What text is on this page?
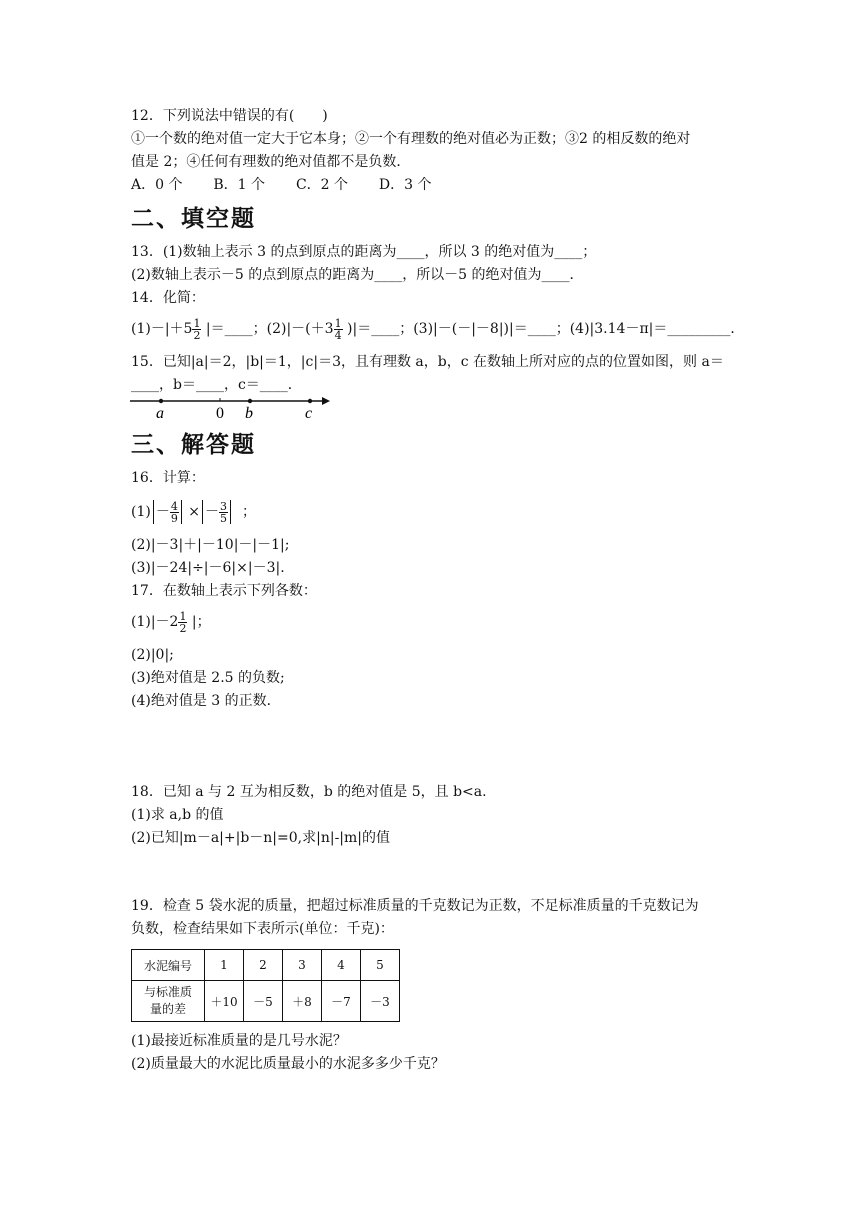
12．下列说法中错误的有(　　)
①一个数的绝对值一定大于它本身；②一个有理数的绝对值必为正数；③2 的相反数的绝对
值是 2；④任何有理数的绝对值都不是负数．
A．0 个 B．1 个 C．2 个 D．3 个
二、填空题
13．(1)数轴上表示 3 的点到原点的距离为____，所以 3 的绝对值为____；
(2)数轴上表示－5 的点到原点的距离为____，所以－5 的绝对值为____．
14．化简：
$(1)-|+5 \frac{1}{2}$ |＝____；$(2)|-(+3 \frac{1}{4}$ )|＝____；(3)|－(－|－8|)|＝____；(4)|3.14－π|＝_________．
15．已知|a|＝2，|b|＝1，|c|＝3，且有理数 a，b，c 在数轴上所对应的点的位置如图，则 a＝
____，b＝____，c＝____．
a	0 b	c
三、解答题
16．计算：
$(1) - \frac{4}{9}$ × － $\frac{3}{5}$ ；
(2)|－3|＋|－10|－|－1|;
(3)|－24|÷|－6|×|－3|.
17．在数轴上表示下列各数：
$(1)|-2 \frac{1}{2}$ |；
(2)|0|;
(3)绝对值是 2.5 的负数;
(4)绝对值是 3 的正数．
18．已知 a 与 2 互为相反数，b 的绝对值是 5，且 b<a.
(1)求 a,b 的值
(2)已知|m－a|+|b－n|=0,求|n|-|m|的值
19．检查 5 袋水泥的质量，把超过标准质量的千克数记为正数，不足标准质量的千克数记为
负数，检查结果如下表所示(单位：千克)：
水泥编号	1	2	3	4	5
与标准质
量的差	＋10	－5	＋8	－7	－3
(1)最接近标准质量的是几号水泥？
(2)质量最大的水泥比质量最小的水泥多多少千克？
